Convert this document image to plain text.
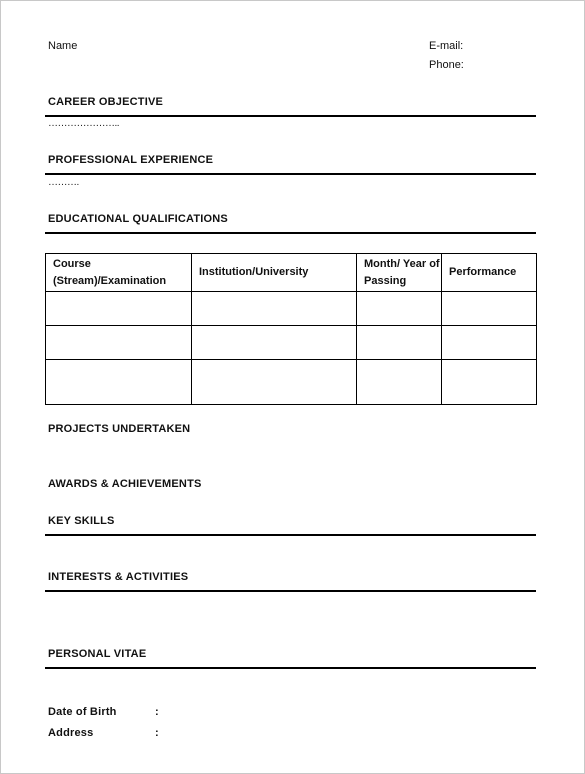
Name	E-mail:
Phone:
CAREER OBJECTIVE
…………………..
PROFESSIONAL EXPERIENCE
……….
EDUCATIONAL QUALIFICATIONS
Course (Stream)/Examination	Institution/University	Month/ Year of Passing	Performance

PROJECTS UNDERTAKEN
AWARDS & ACHIEVEMENTS
KEY SKILLS
INTERESTS & ACTIVITIES
PERSONAL VITAE
Date of Birth	:
Address	:
